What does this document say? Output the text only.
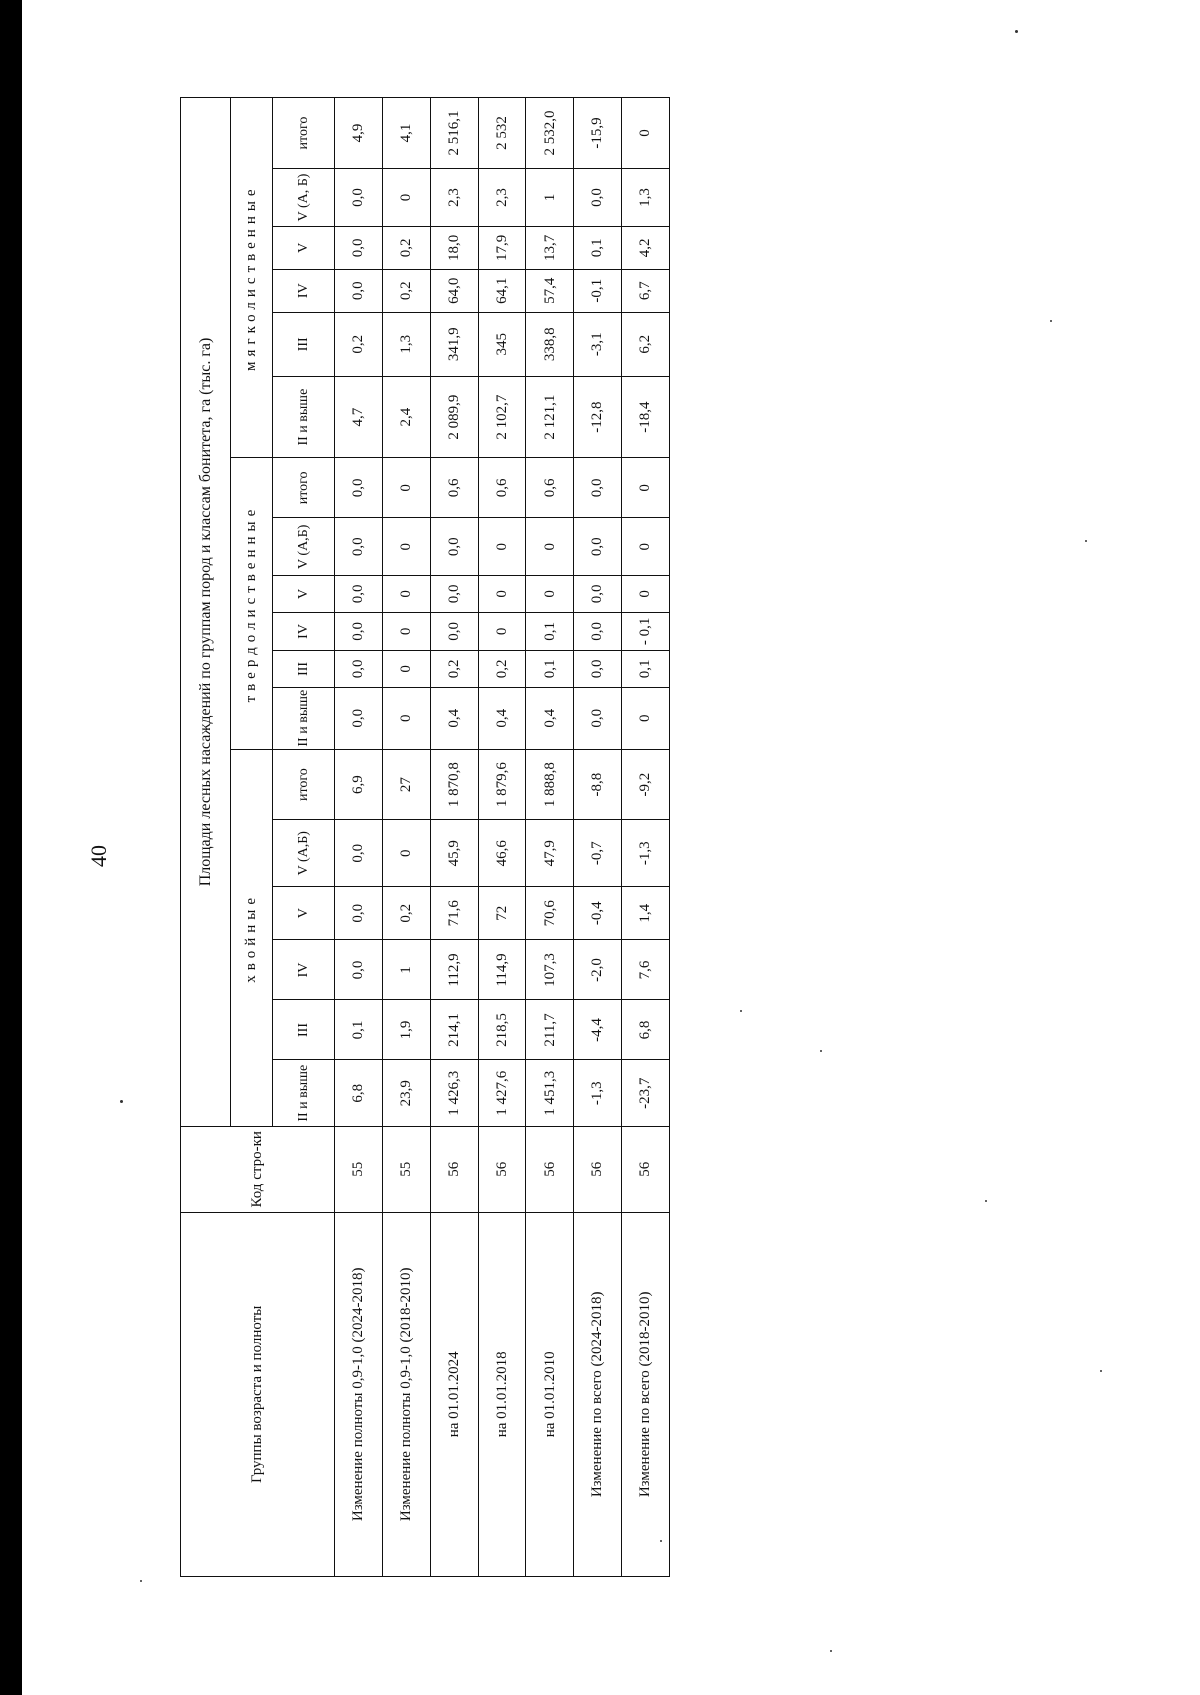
40
Группы возраста и полноты	Код стро-ки	Площади лесных насаждений по группам пород и классам бонитета, га (тыс. га)																	
		хвойные						твердолиственные						мягколиственные					
		II и выше	III	IV	V	V (А,Б)	итого	II и выше	III	IV	V	V (А,Б)	итого	II и выше	III	IV	V	V (А, Б)	итого
Изменение полноты 0,9-1,0 (2024-2018)	55	6,8	0,1	0,0	0,0	0,0	6,9	0,0	0,0	0,0	0,0	0,0	0,0	4,7	0,2	0,0	0,0	0,0	4,9
Изменение полноты 0,9-1,0 (2018-2010)	55	23,9	1,9	1	0,2	0	27	0	0	0	0	0	0	2,4	1,3	0,2	0,2	0	4,1
на 01.01.2024	56	1 426,3	214,1	112,9	71,6	45,9	1 870,8	0,4	0,2	0,0	0,0	0,0	0,6	2 089,9	341,9	64,0	18,0	2,3	2 516,1
на 01.01.2018	56	1 427,6	218,5	114,9	72	46,6	1 879,6	0,4	0,2	0	0	0	0,6	2 102,7	345	64,1	17,9	2,3	2 532
на 01.01.2010	56	1 451,3	211,7	107,3	70,6	47,9	1 888,8	0,4	0,1	0,1	0	0	0,6	2 121,1	338,8	57,4	13,7	1	2 532,0
Изменение по всего (2024-2018)	56	-1,3	-4,4	-2,0	-0,4	-0,7	-8,8	0,0	0,0	0,0	0,0	0,0	0,0	-12,8	-3,1	-0,1	0,1	0,0	-15,9
Изменение по всего (2018-2010)	56	-23,7	6,8	7,6	1,4	-1,3	-9,2	0	0,1	- 0,1	0	0	0	-18,4	6,2	6,7	4,2	1,3	0
